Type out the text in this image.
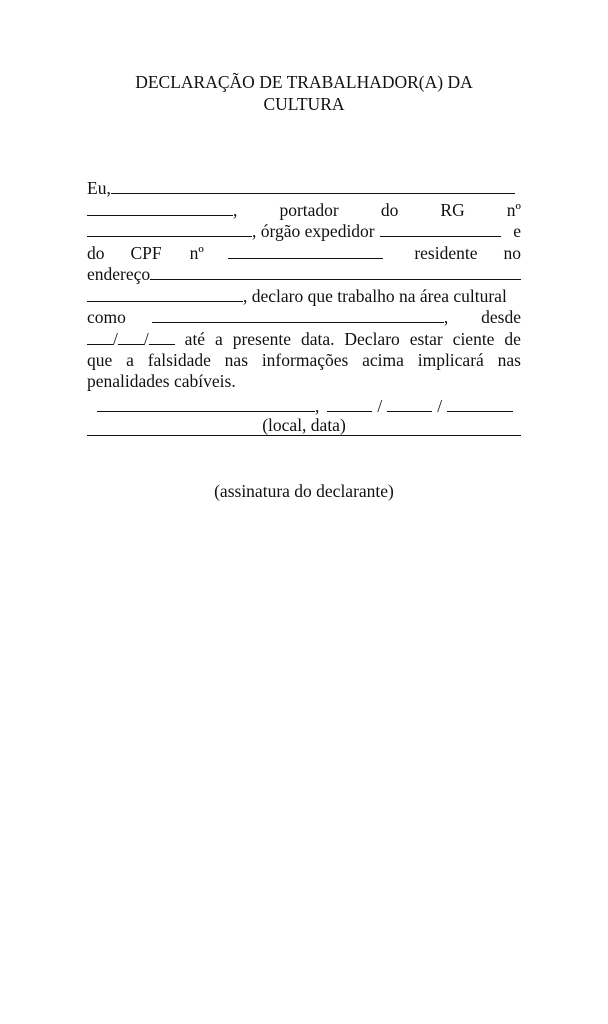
DECLARAÇÃO DE TRABALHADOR(A) DA
CULTURA
Eu,
, portador do RG nº
, órgão expedidor	e
do CPF nº	residente no
endereço
, declaro que trabalho na área cultural
como	, desde
/ /	até a presente data. Declaro estar ciente de
que a falsidade nas informações acima implicará nas
penalidades cabíveis.
,	/	/
(local, data)
(assinatura do declarante)
